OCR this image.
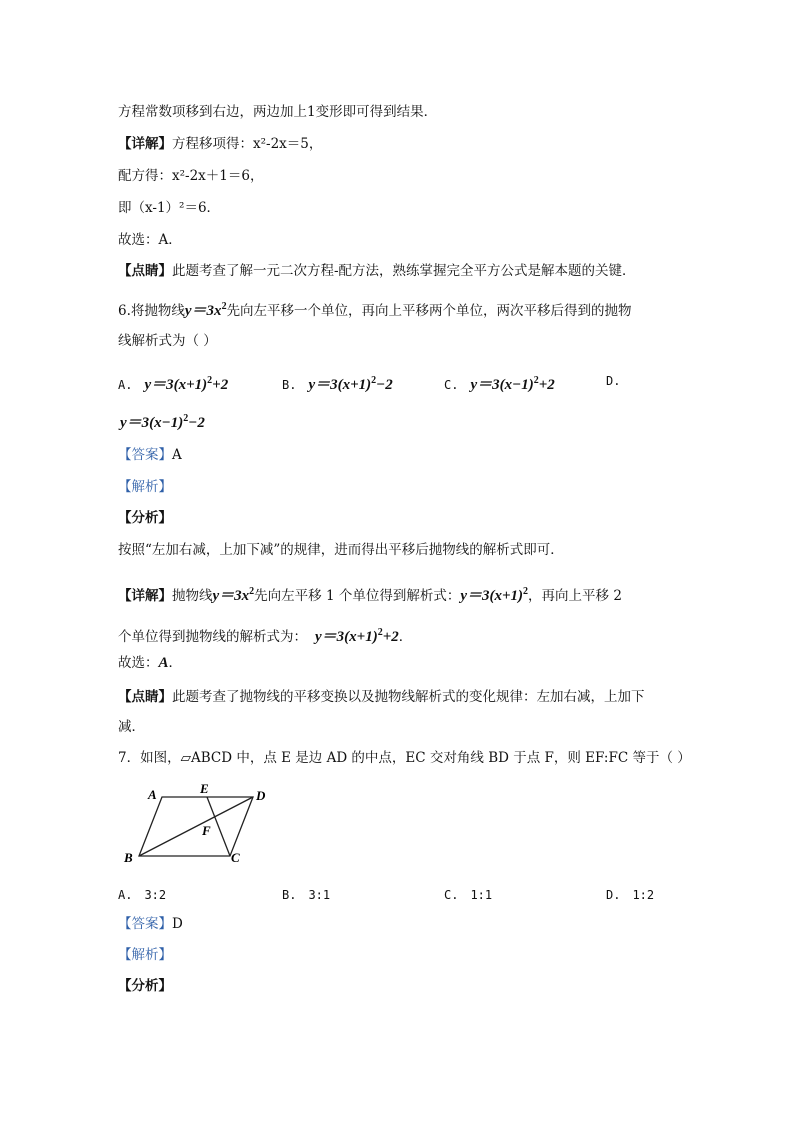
方程常数项移到右边，两边加上1变形即可得到结果．
【详解】方程移项得：x²-2x＝5，
配方得：x²-2x＋1＝6，
即（x-1）²＝6．
故选：A．
【点睛】此题考查了解一元二次方程-配方法，熟练掌握完全平方公式是解本题的关键．
6.将抛物线$y=3x^2$先向左平移一个单位，再向上平移两个单位，两次平移后得到的抛物
线解析式为（ ）
A. $y=3(x+1)^2+2$	B. $y=3(x+1)^2-2$	C. $y=3(x-1)^2+2$	D.
$y=3(x-1)^2-2$
【答案】A
【解析】
【分析】
按照“左加右减，上加下减”的规律，进而得出平移后抛物线的解析式即可．
【详解】抛物线$y=3x^2$先向左平移 1 个单位得到解析式：$y=3(x+1)^2$，再向上平移 2
个单位得到抛物线的解析式为： $y=3(x+1)^2+2$．
故选：A．
【点睛】此题考查了抛物线的平移变换以及抛物线解析式的变化规律：左加右减，上加下
减．
7．如图，▱ABCD 中，点 E 是边 AD 的中点，EC 交对角线 BD 于点 F，则 EF:FC 等于（ ）
A	E	D
F
B	C
A. 3:2	B. 3:1	C. 1:1	D. 1:2
【答案】D
【解析】
【分析】
